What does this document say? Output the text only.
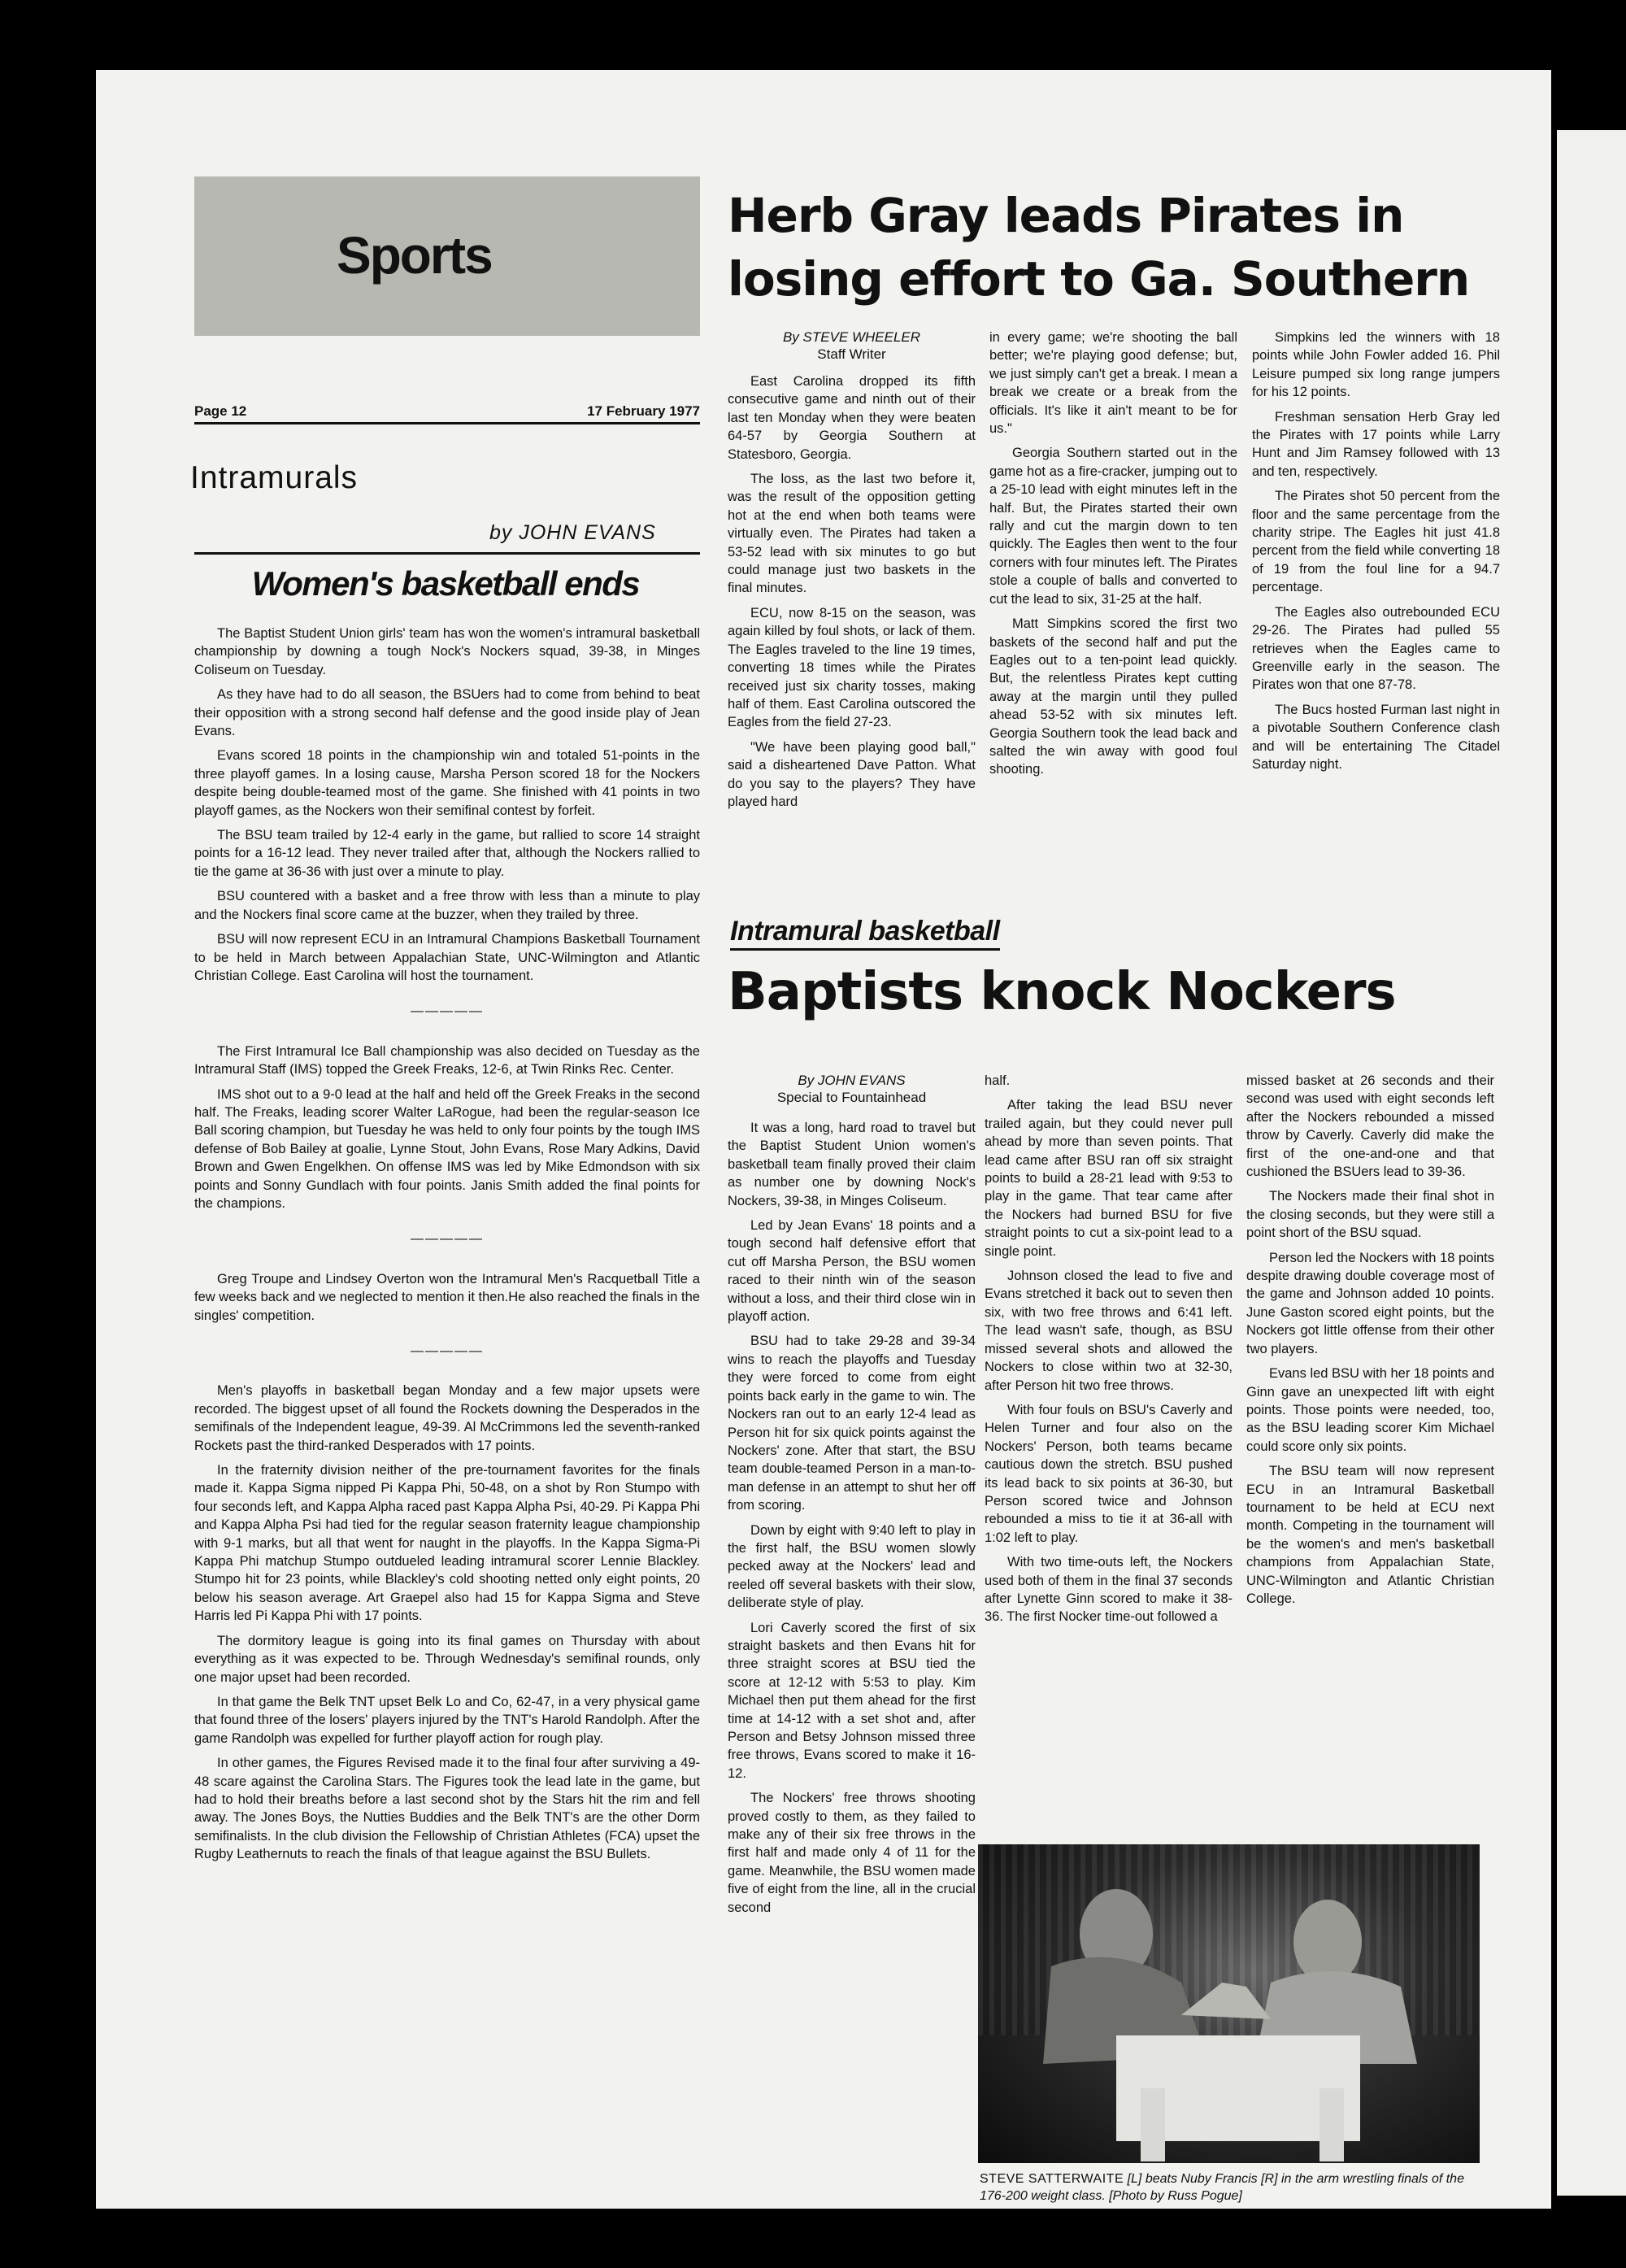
Sports
Page 12	17 February 1977
Intramurals
by JOHN EVANS
Women's basketball ends

The Baptist Student Union girls' team has won the women's intramural basketball championship by downing a tough Nock's Nockers squad, 39-38, in Minges Coliseum on Tuesday.

As they have had to do all season, the BSUers had to come from behind to beat their opposition with a strong second half defense and the good inside play of Jean Evans.

Evans scored 18 points in the championship win and totaled 51-points in the three playoff games. In a losing cause, Marsha Person scored 18 for the Nockers despite being double-teamed most of the game. She finished with 41 points in two playoff games, as the Nockers won their semifinal contest by forfeit.

The BSU team trailed by 12-4 early in the game, but rallied to score 14 straight points for a 16-12 lead. They never trailed after that, although the Nockers rallied to tie the game at 36-36 with just over a minute to play.

BSU countered with a basket and a free throw with less than a minute to play and the Nockers final score came at the buzzer, when they trailed by three.

BSU will now represent ECU in an Intramural Champions Basketball Tournament to be held in March between Appalachian State, UNC-Wilmington and Atlantic Christian College. East Carolina will host the tournament.

—————

The First Intramural Ice Ball championship was also decided on Tuesday as the Intramural Staff (IMS) topped the Greek Freaks, 12-6, at Twin Rinks Rec. Center.

IMS shot out to a 9-0 lead at the half and held off the Greek Freaks in the second half. The Freaks, leading scorer Walter LaRogue, had been the regular-season Ice Ball scoring champion, but Tuesday he was held to only four points by the tough IMS defense of Bob Bailey at goalie, Lynne Stout, John Evans, Rose Mary Adkins, David Brown and Gwen Engelkhen. On offense IMS was led by Mike Edmondson with six points and Sonny Gundlach with four points. Janis Smith added the final points for the champions.

—————

Greg Troupe and Lindsey Overton won the Intramural Men's Racquetball Title a few weeks back and we neglected to mention it then.He also reached the finals in the singles' competition.

—————

Men's playoffs in basketball began Monday and a few major upsets were recorded. The biggest upset of all found the Rockets downing the Desperados in the semifinals of the Independent league, 49-39. Al McCrimmons led the seventh-ranked Rockets past the third-ranked Desperados with 17 points.

In the fraternity division neither of the pre-tournament favorites for the finals made it. Kappa Sigma nipped Pi Kappa Phi, 50-48, on a shot by Ron Stumpo with four seconds left, and Kappa Alpha raced past Kappa Alpha Psi, 40-29. Pi Kappa Phi and Kappa Alpha Psi had tied for the regular season fraternity league championship with 9-1 marks, but all that went for naught in the playoffs. In the Kappa Sigma-Pi Kappa Phi matchup Stumpo outdueled leading intramural scorer Lennie Blackley. Stumpo hit for 23 points, while Blackley's cold shooting netted only eight points, 20 below his season average. Art Graepel also had 15 for Kappa Sigma and Steve Harris led Pi Kappa Phi with 17 points.

The dormitory league is going into its final games on Thursday with about everything as it was expected to be. Through Wednesday's semifinal rounds, only one major upset had been recorded.

In that game the Belk TNT upset Belk Lo and Co, 62-47, in a very physical game that found three of the losers' players injured by the TNT's Harold Randolph. After the game Randolph was expelled for further playoff action for rough play.

In other games, the Figures Revised made it to the final four after surviving a 49-48 scare against the Carolina Stars. The Figures took the lead late in the game, but had to hold their breaths before a last second shot by the Stars hit the rim and fell away. The Jones Boys, the Nutties Buddies and the Belk TNT's are the other Dorm semifinalists. In the club division the Fellowship of Christian Athletes (FCA) upset the Rugby Leathernuts to reach the finals of that league against the BSU Bullets.

Herb Gray leads Pirates in
losing effort to Ga. Southern
By STEVE WHEELER
Staff Writer

East Carolina dropped its fifth consecutive game and ninth out of their last ten Monday when they were beaten 64-57 by Georgia Southern at Statesboro, Georgia.

The loss, as the last two before it, was the result of the opposition getting hot at the end when both teams were virtually even. The Pirates had taken a 53-52 lead with six minutes to go but could manage just two baskets in the final minutes.

ECU, now 8-15 on the season, was again killed by foul shots, or lack of them. The Eagles traveled to the line 19 times, converting 18 times while the Pirates received just six charity tosses, making half of them. East Carolina outscored the Eagles from the field 27-23.

"We have been playing good ball," said a disheartened Dave Patton. What do you say to the players? They have played hard

in every game; we're shooting the ball better; we're playing good defense; but, we just simply can't get a break. I mean a break we create or a break from the officials. It's like it ain't meant to be for us."

Georgia Southern started out in the game hot as a fire-cracker, jumping out to a 25-10 lead with eight minutes left in the half. But, the Pirates started their own rally and cut the margin down to ten quickly. The Eagles then went to the four corners with four minutes left. The Pirates stole a couple of balls and converted to cut the lead to six, 31-25 at the half.

Matt Simpkins scored the first two baskets of the second half and put the Eagles out to a ten-point lead quickly. But, the relentless Pirates kept cutting away at the margin until they pulled ahead 53-52 with six minutes left. Georgia Southern took the lead back and salted the win away with good foul shooting.

Simpkins led the winners with 18 points while John Fowler added 16. Phil Leisure pumped six long range jumpers for his 12 points.

Freshman sensation Herb Gray led the Pirates with 17 points while Larry Hunt and Jim Ramsey followed with 13 and ten, respectively.

The Pirates shot 50 percent from the floor and the same percentage from the charity stripe. The Eagles hit just 41.8 percent from the field while converting 18 of 19 from the foul line for a 94.7 percentage.

The Eagles also outrebounded ECU 29-26. The Pirates had pulled 55 retrieves when the Eagles came to Greenville early in the season. The Pirates won that one 87-78.

The Bucs hosted Furman last night in a pivotable Southern Conference clash and will be entertaining The Citadel Saturday night.

Intramural basketball
Baptists knock Nockers
By JOHN EVANS
Special to Fountainhead

It was a long, hard road to travel but the Baptist Student Union women's basketball team finally proved their claim as number one by downing Nock's Nockers, 39-38, in Minges Coliseum.

Led by Jean Evans' 18 points and a tough second half defensive effort that cut off Marsha Person, the BSU women raced to their ninth win of the season without a loss, and their third close win in playoff action.

BSU had to take 29-28 and 39-34 wins to reach the playoffs and Tuesday they were forced to come from eight points back early in the game to win. The Nockers ran out to an early 12-4 lead as Person hit for six quick points against the Nockers' zone. After that start, the BSU team double-teamed Person in a man-to-man defense in an attempt to shut her off from scoring.

Down by eight with 9:40 left to play in the first half, the BSU women slowly pecked away at the Nockers' lead and reeled off several baskets with their slow, deliberate style of play.

Lori Caverly scored the first of six straight baskets and then Evans hit for three straight scores at BSU tied the score at 12-12 with 5:53 to play. Kim Michael then put them ahead for the first time at 14-12 with a set shot and, after Person and Betsy Johnson missed three free throws, Evans scored to make it 16-12.

The Nockers' free throws shooting proved costly to them, as they failed to make any of their six free throws in the first half and made only 4 of 11 for the game. Meanwhile, the BSU women made five of eight from the line, all in the crucial second

half.

After taking the lead BSU never trailed again, but they could never pull ahead by more than seven points. That lead came after BSU ran off six straight points to build a 28-21 lead with 9:53 to play in the game. That tear came after the Nockers had burned BSU for five straight points to cut a six-point lead to a single point.

Johnson closed the lead to five and Evans stretched it back out to seven then six, with two free throws and 6:41 left. The lead wasn't safe, though, as BSU missed several shots and allowed the Nockers to close within two at 32-30, after Person hit two free throws.

With four fouls on BSU's Caverly and Helen Turner and four also on the Nockers' Person, both teams became cautious down the stretch. BSU pushed its lead back to six points at 36-30, but Person scored twice and Johnson rebounded a miss to tie it at 36-all with 1:02 left to play.

With two time-outs left, the Nockers used both of them in the final 37 seconds after Lynette Ginn scored to make it 38-36. The first Nocker time-out followed a

missed basket at 26 seconds and their second was used with eight seconds left after the Nockers rebounded a missed throw by Caverly. Caverly did make the first of the one-and-one and that cushioned the BSUers lead to 39-36.

The Nockers made their final shot in the closing seconds, but they were still a point short of the BSU squad.

Person led the Nockers with 18 points despite drawing double coverage most of the game and Johnson added 10 points. June Gaston scored eight points, but the Nockers got little offense from their other two players.

Evans led BSU with her 18 points and Ginn gave an unexpected lift with eight points. Those points were needed, too, as the BSU leading scorer Kim Michael could score only six points.

The BSU team will now represent ECU in an Intramural Basketball tournament to be held at ECU next month. Competing in the tournament will be the women's and men's basketball champions from Appalachian State, UNC-Wilmington and Atlantic Christian College.

STEVE SATTERWAITE [L] beats Nuby Francis [R] in the arm wrestling finals of the 176-200 weight class. [Photo by Russ Pogue]
